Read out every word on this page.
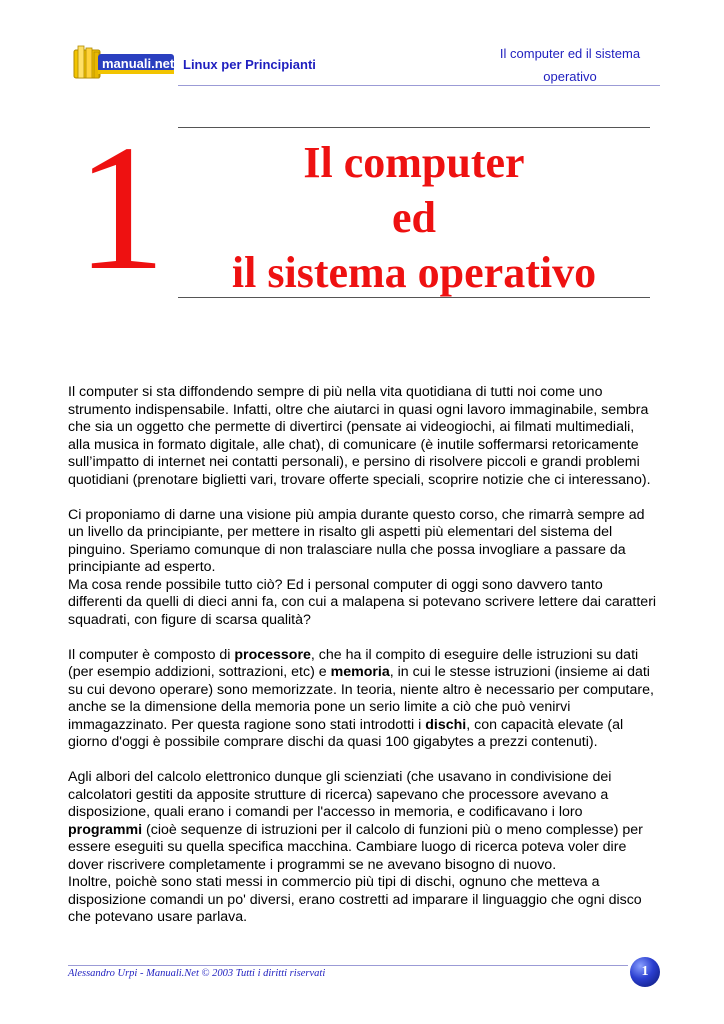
manuali.net Linux per Principianti
Il computer ed il sistema
operativo
1	Il computer
ed
il sistema operativo

Il computer si sta diffondendo sempre di più nella vita quotidiana di tutti noi come uno strumento indispensabile. Infatti, oltre che aiutarci in quasi ogni lavoro immaginabile, sembra che sia un oggetto che permette di divertirci (pensate ai videogiochi, ai filmati multimediali, alla musica in formato digitale, alle chat), di comunicare (è inutile soffermarsi retoricamente sull’impatto di internet nei contatti personali), e persino di risolvere piccoli e grandi problemi quotidiani (prenotare biglietti vari, trovare offerte speciali, scoprire notizie che ci interessano).

Ci proponiamo di darne una visione più ampia durante questo corso, che rimarrà sempre ad un livello da principiante, per mettere in risalto gli aspetti più elementari del sistema del pinguino. Speriamo comunque di non tralasciare nulla che possa invogliare a passare da principiante ad esperto.

Ma cosa rende possibile tutto ciò? Ed i personal computer di oggi sono davvero tanto differenti da quelli di dieci anni fa, con cui a malapena si potevano scrivere lettere dai caratteri squadrati, con figure di scarsa qualità?

Il computer è composto di processore, che ha il compito di eseguire delle istruzioni su dati (per esempio addizioni, sottrazioni, etc) e memoria, in cui le stesse istruzioni (insieme ai dati su cui devono operare) sono memorizzate. In teoria, niente altro è necessario per computare, anche se la dimensione della memoria pone un serio limite a ciò che può venirvi immagazzinato. Per questa ragione sono stati introdotti i dischi, con capacità elevate (al giorno d'oggi è possibile comprare dischi da quasi 100 gigabytes a prezzi contenuti).

Agli albori del calcolo elettronico dunque gli scienziati (che usavano in condivisione dei calcolatori gestiti da apposite strutture di ricerca) sapevano che processore avevano a disposizione, quali erano i comandi per l'accesso in memoria, e codificavano i loro programmi (cioè sequenze di istruzioni per il calcolo di funzioni più o meno complesse) per essere eseguiti su quella specifica macchina. Cambiare luogo di ricerca poteva voler dire dover riscrivere completamente i programmi se ne avevano bisogno di nuovo.

Inoltre, poichè sono stati messi in commercio più tipi di dischi, ognuno che metteva a disposizione comandi un po' diversi, erano costretti ad imparare il linguaggio che ogni disco che potevano usare parlava.

Alessandro Urpi - Manuali.Net © 2003 Tutti i diritti riservati	1
